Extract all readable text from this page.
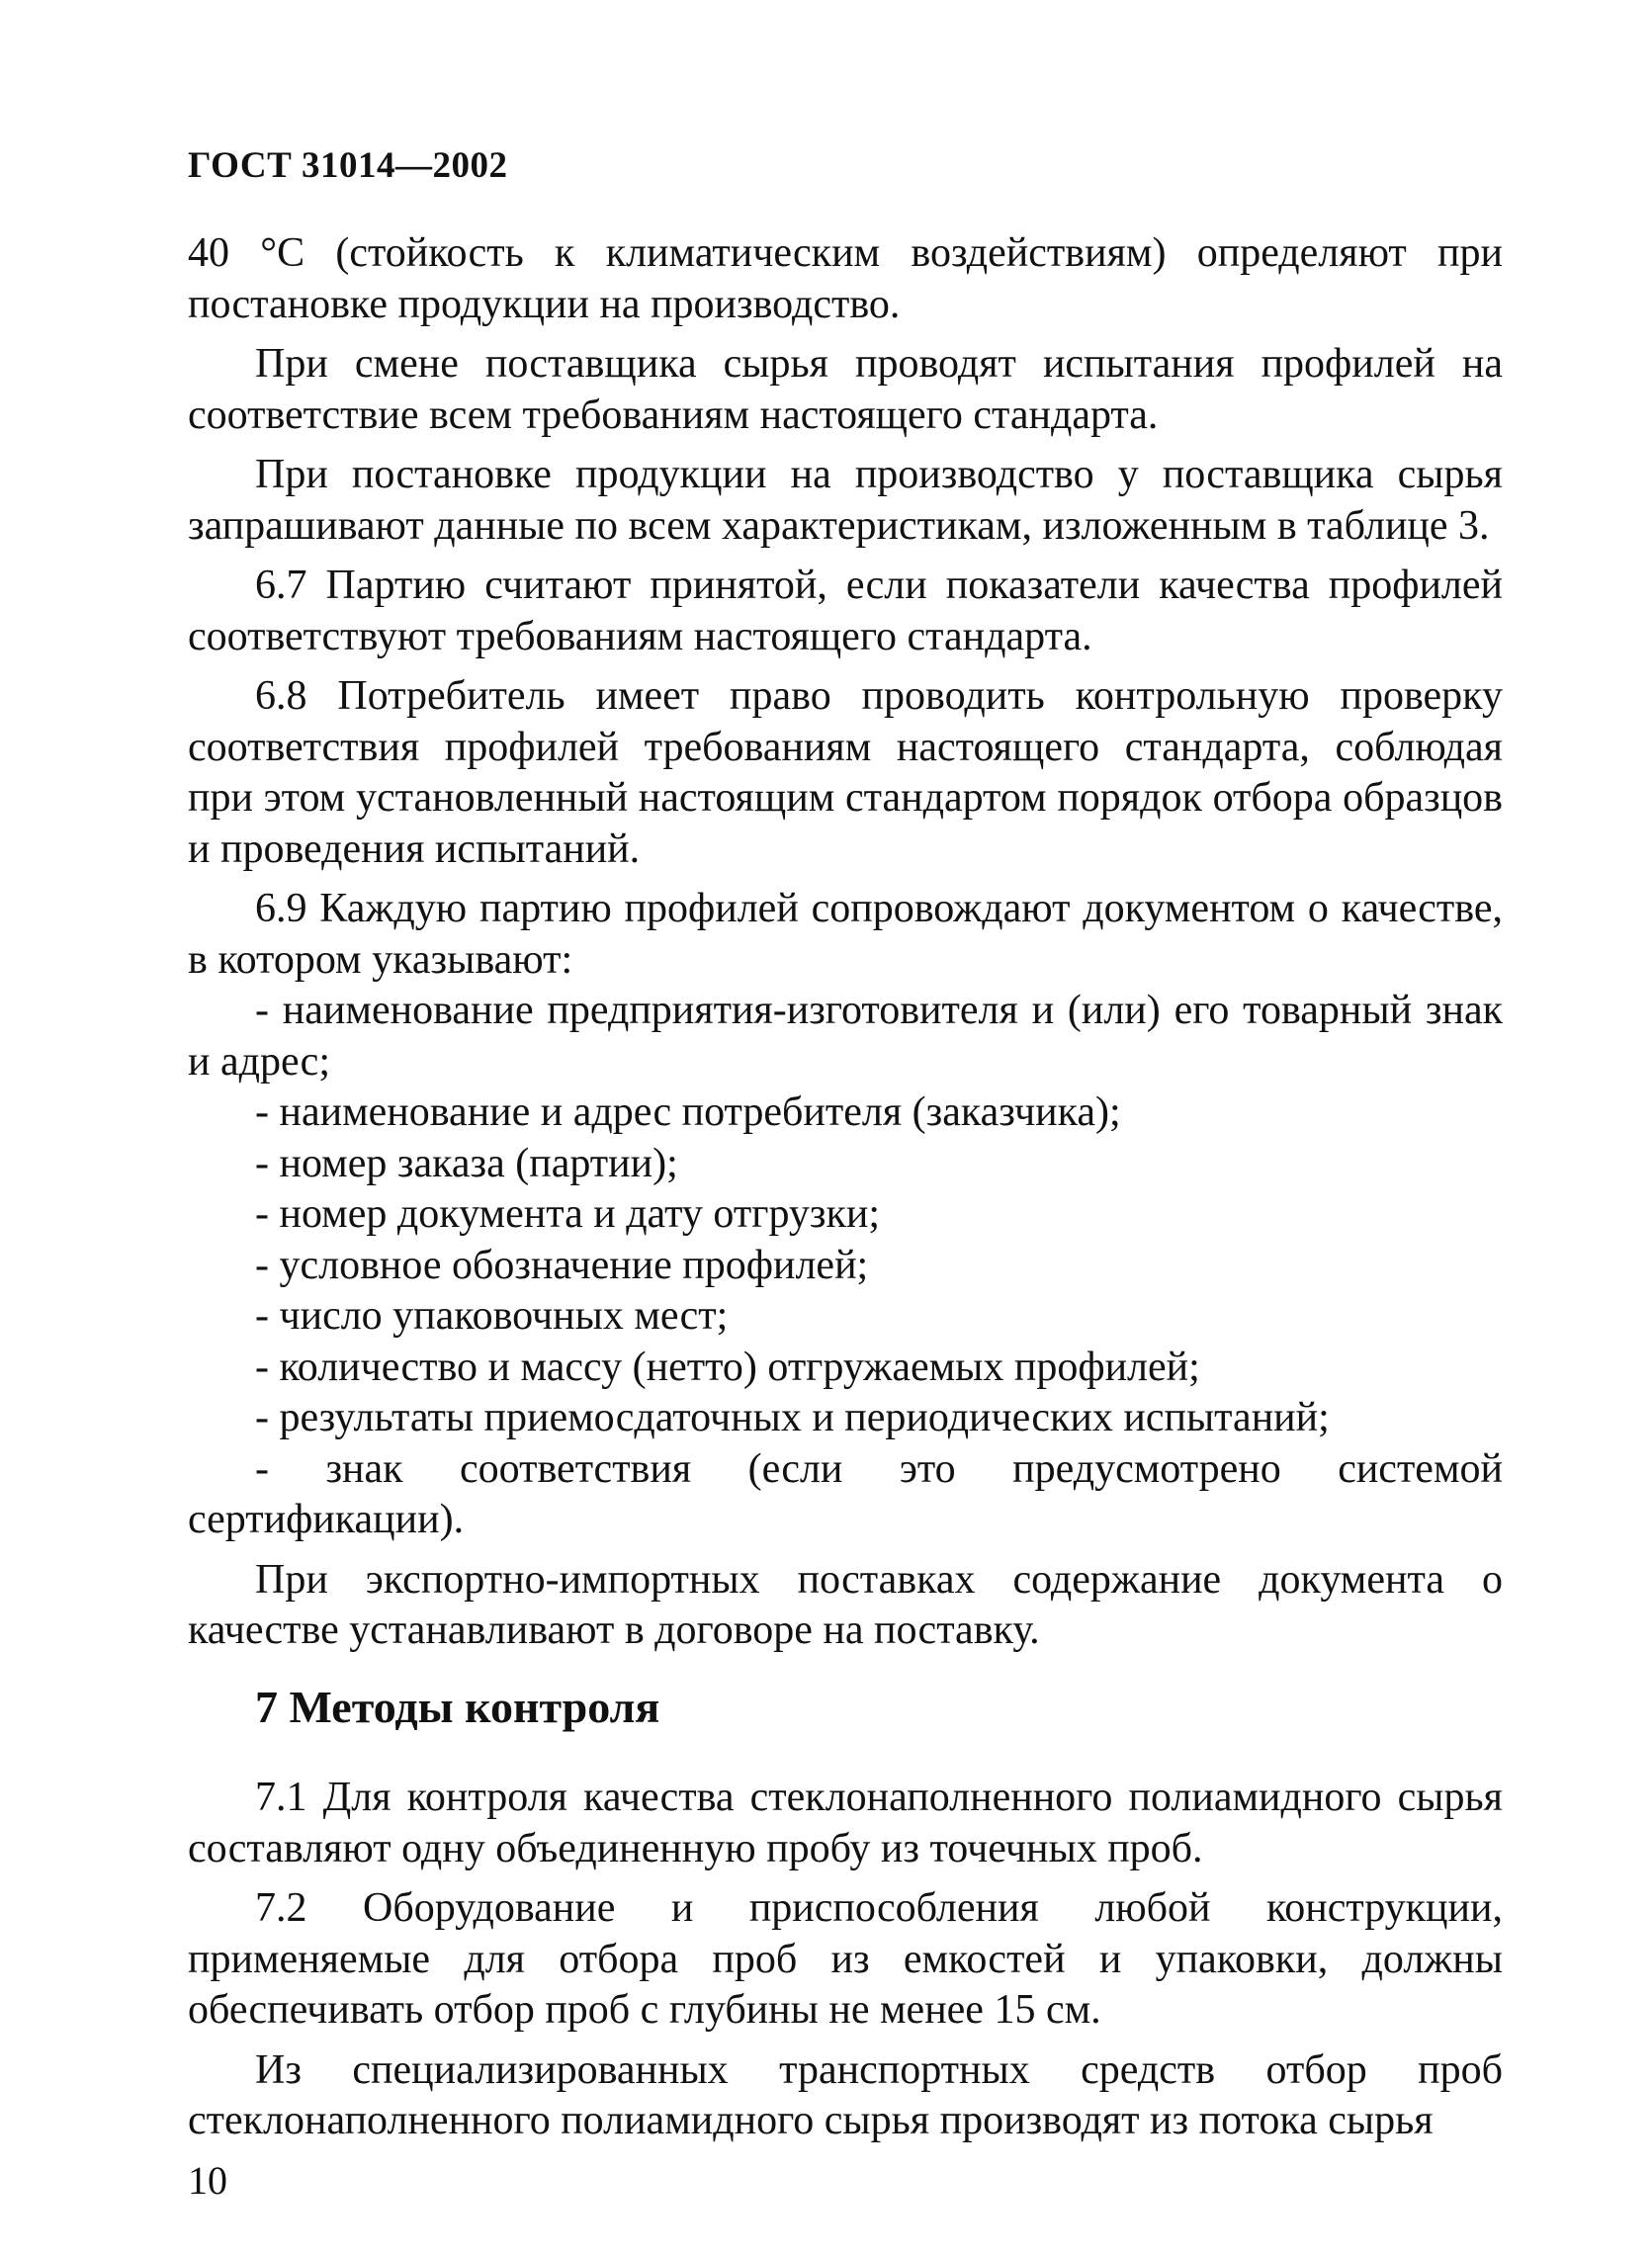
ГОСТ 31014—2002

40 °С (стойкость к климатическим воздействиям) определяют при постановке продукции на производство.

При смене поставщика сырья проводят испытания профилей на соответствие всем требованиям настоящего стандарта.

При постановке продукции на производство у поставщика сырья запрашивают данные по всем характеристикам, изложенным в таблице 3.

6.7 Партию считают принятой, если показатели качества профилей соответствуют требованиям настоящего стандарта.

6.8 Потребитель имеет право проводить контрольную проверку соответствия профилей требованиям настоящего стандарта, соблюдая при этом установленный настоящим стандартом порядок отбора образцов и проведения испытаний.

6.9 Каждую партию профилей сопровождают документом о качестве, в котором указывают:

- наименование предприятия-изготовителя и (или) его товарный знак и адрес;

- наименование и адрес потребителя (заказчика);

- номер заказа (партии);

- номер документа и дату отгрузки;

- условное обозначение профилей;

- число упаковочных мест;

- количество и массу (нетто) отгружаемых профилей;

- результаты приемосдаточных и периодических испытаний;

- знак соответствия (если это предусмотрено системой сертификации).

При экспортно-импортных поставках содержание документа о качестве устанавливают в договоре на поставку.

7 Методы контроля

7.1 Для контроля качества стеклонаполненного полиамидного сырья составляют одну объединенную пробу из точечных проб.

7.2 Оборудование и приспособления любой конструкции, применяемые для отбора проб из емкостей и упаковки, должны обеспечивать отбор проб с глубины не менее 15 см.

Из специализированных транспортных средств отбор проб стеклонаполненного полиамидного сырья производят из потока сырья

10
